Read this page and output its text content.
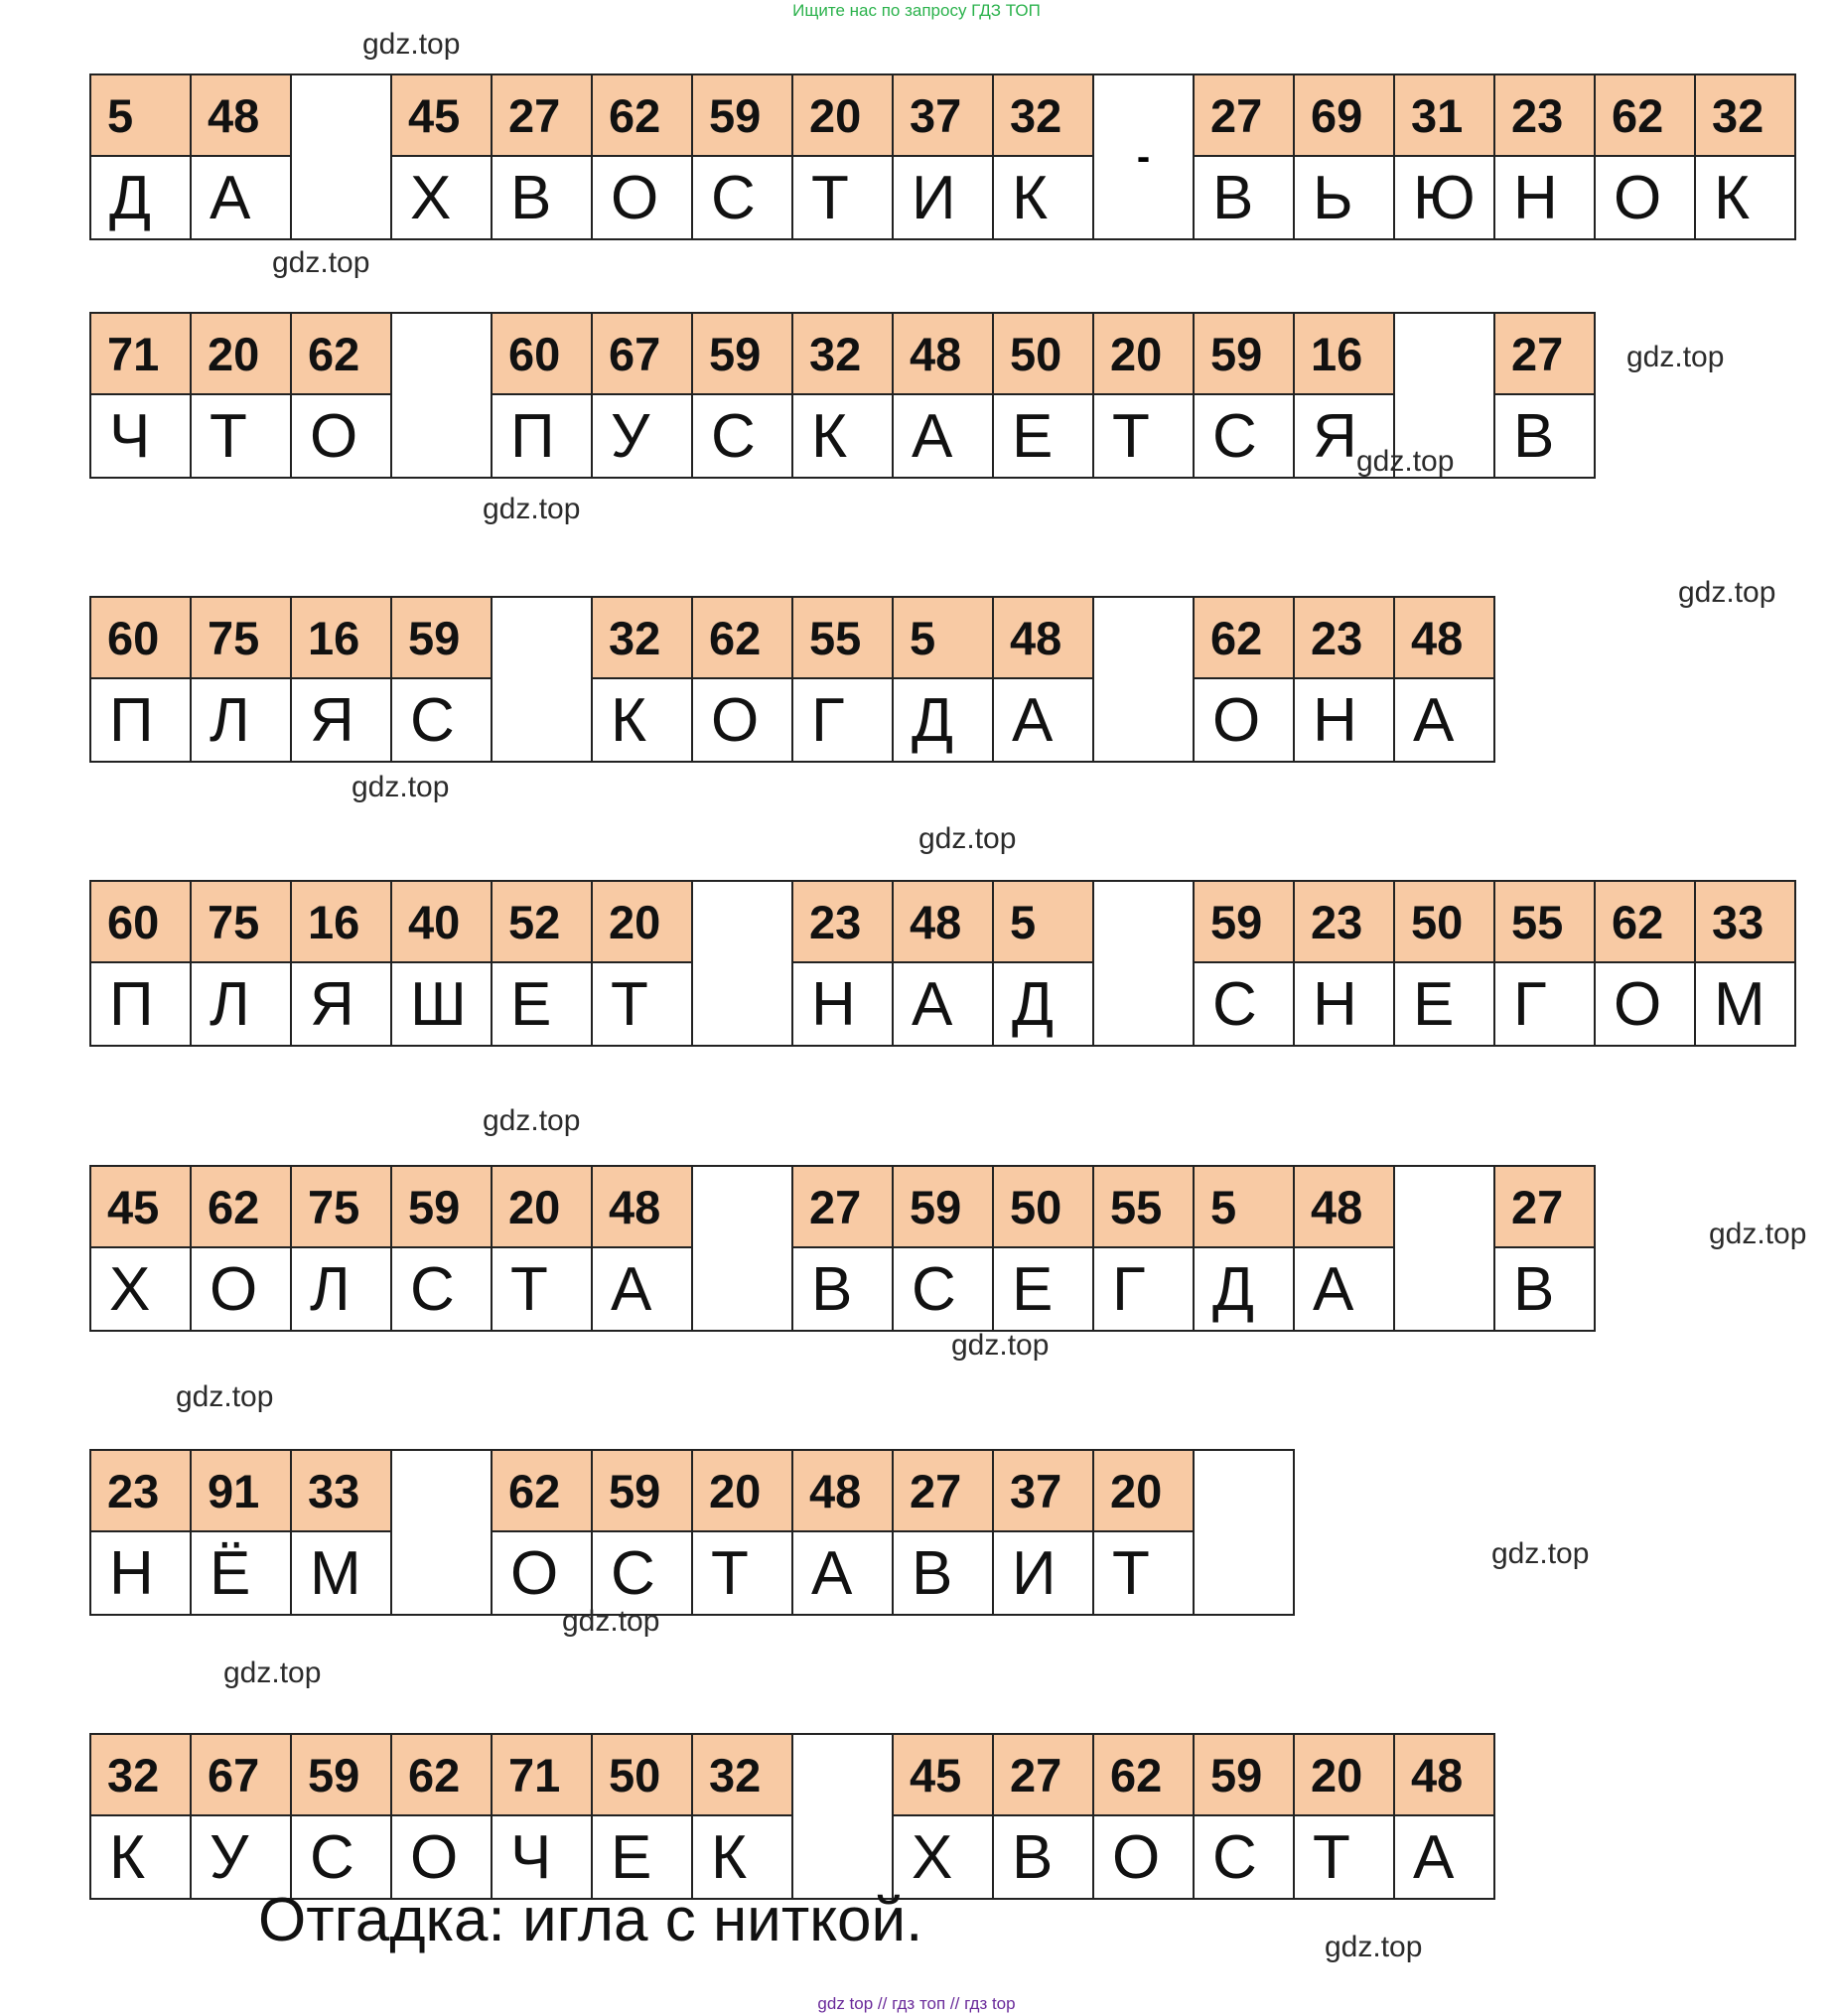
Ищите нас по запросу ГДЗ ТОП
5
Д
48
А
45
Х
27
В
62
О
59
С
20
Т
37
И
32
К
-
27
В
69
Ь
31
Ю
23
Н
62
О
32
К
71
Ч
20
Т
62
О
60
П
67
У
59
С
32
К
48
А
50
Е
20
Т
59
С
16
Я
27
В
60
П
75
Л
16
Я
59
С
32
К
62
О
55
Г
5
Д
48
А
62
О
23
Н
48
А
60
П
75
Л
16
Я
40
Ш
52
Е
20
Т
23
Н
48
А
5
Д
59
С
23
Н
50
Е
55
Г
62
О
33
М
45
Х
62
О
75
Л
59
С
20
Т
48
А
27
В
59
С
50
Е
55
Г
5
Д
48
А
27
В
23
Н
91
Ё
33
М
62
О
59
С
20
Т
48
А
27
В
37
И
20
Т
32
К
67
У
59
С
62
О
71
Ч
50
Е
32
К
45
Х
27
В
62
О
59
С
20
Т
48
А
Отгадка: игла с ниткой.
gdz.top
gdz.top
gdz.top
gdz.top
gdz.top
gdz.top
gdz.top
gdz.top
gdz.top
gdz.top
gdz.top
gdz.top
gdz.top
gdz.top
gdz.top
gdz.top
gdz top // гдз топ // гдз top
